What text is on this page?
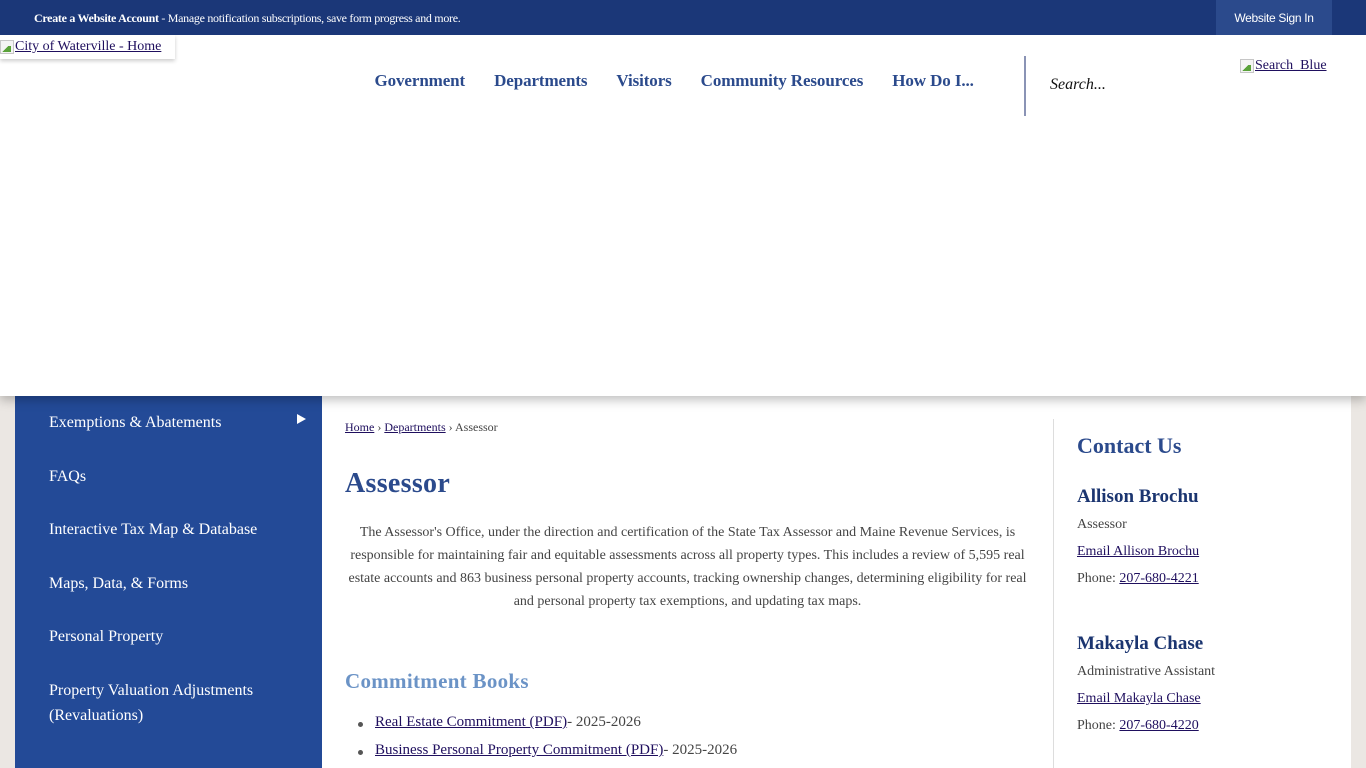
Create a Website Account - Manage notification subscriptions, save form progress and more.	Website Sign In
City of Waterville - Home
Government	Departments	Visitors	Community Resources	How Do I...
Search...
Search_Blue
Exemptions & Abatements
FAQs
Interactive Tax Map & Database
Maps, Data, & Forms
Personal Property
Property Valuation Adjustments (Revaluations)
Home › Departments › Assessor
Assessor

The Assessor's Office, under the direction and certification of the State Tax Assessor and Maine Revenue Services, is responsible for maintaining fair and equitable assessments across all property types. This includes a review of 5,595 real estate accounts and 863 business personal property accounts, tracking ownership changes, determining eligibility for real and personal property tax exemptions, and updating tax maps.

Commitment Books
Real Estate Commitment (PDF)- 2025-2026
Business Personal Property Commitment (PDF)- 2025-2026
Contact Us
Allison Brochu
Assessor
Email Allison Brochu
Phone: 207-680-4221
Makayla Chase
Administrative Assistant
Email Makayla Chase
Phone: 207-680-4220
